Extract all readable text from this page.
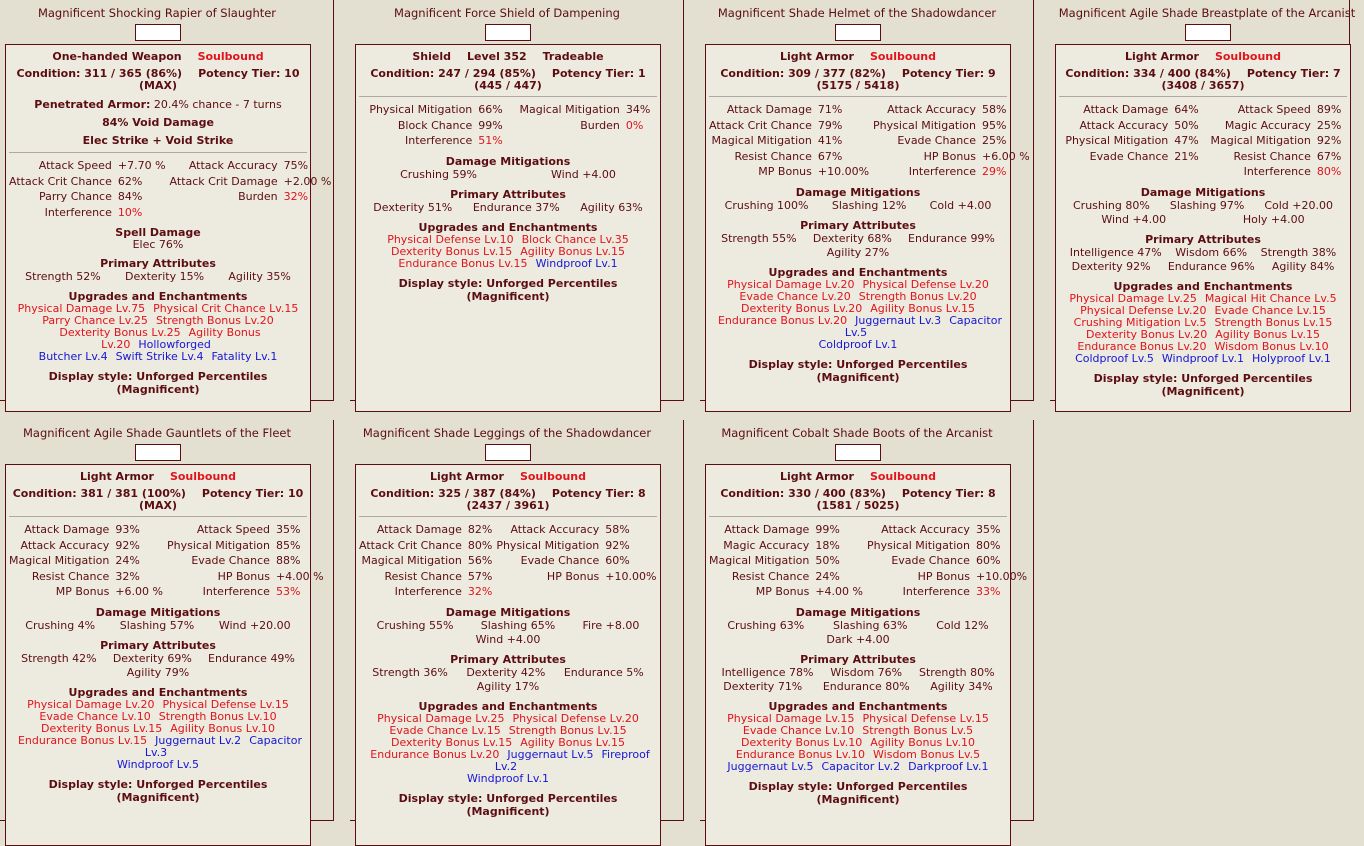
Magnificent Shocking Rapier of Slaughter
One-handed Weapon Soulbound
Condition: 311 / 365 (86%) Potency Tier: 10 (MAX)
Penetrated Armor: 20.4% chance - 7 turns
84% Void Damage
Elec Strike + Void Strike
Attack Speed	+7.70 %	Attack Accuracy	75%
Attack Crit Chance	62%	Attack Crit Damage	+2.00 %
Parry Chance	84%	Burden	32%
Interference	10%		
Spell Damage
Elec 76%
Primary Attributes
Strength 52% Dexterity 15% Agility 35%
Upgrades and Enchantments
Physical Damage Lv.75 Physical Crit Chance Lv.15
Parry Chance Lv.25 Strength Bonus Lv.20
Dexterity Bonus Lv.25 Agility Bonus Lv.20 Hollowforged
Butcher Lv.4 Swift Strike Lv.4 Fatality Lv.1
Display style: Unforged Percentiles (Magnificent)
Magnificent Force Shield of Dampening
Shield Level 352 Tradeable
Condition: 247 / 294 (85%) Potency Tier: 1 (445 / 447)
Physical Mitigation	66%	Magical Mitigation	34%
Block Chance	99%	Burden	0%
Interference	51%		
Damage Mitigations
Crushing 59%	Wind +4.00
Primary Attributes
Dexterity 51% Endurance 37% Agility 63%
Upgrades and Enchantments
Physical Defense Lv.10 Block Chance Lv.35
Dexterity Bonus Lv.15 Agility Bonus Lv.15
Endurance Bonus Lv.15 Windproof Lv.1
Display style: Unforged Percentiles (Magnificent)
Magnificent Shade Helmet of the Shadowdancer
Light Armor Soulbound
Condition: 309 / 377 (82%) Potency Tier: 9 (5175 / 5418)
Attack Damage	71%	Attack Accuracy	58%
Attack Crit Chance	79%	Physical Mitigation	95%
Magical Mitigation	41%	Evade Chance	25%
Resist Chance	67%	HP Bonus	+6.00 %
MP Bonus	+10.00%	Interference	29%
Damage Mitigations
Crushing 100% Slashing 12% Cold +4.00
Primary Attributes
Strength 55% Dexterity 68% Endurance 99%
Agility 27%
Upgrades and Enchantments
Physical Damage Lv.20 Physical Defense Lv.20
Evade Chance Lv.20 Strength Bonus Lv.20
Dexterity Bonus Lv.20 Agility Bonus Lv.15
Endurance Bonus Lv.20 Juggernaut Lv.3 Capacitor Lv.5
Coldproof Lv.1
Display style: Unforged Percentiles (Magnificent)
Magnificent Agile Shade Breastplate of the Arcanist
Light Armor Soulbound
Condition: 334 / 400 (84%) Potency Tier: 7 (3408 / 3657)
Attack Damage	64%	Attack Speed	89%
Attack Accuracy	50%	Magic Accuracy	25%
Physical Mitigation	47%	Magical Mitigation	92%
Evade Chance	21%	Resist Chance	67%
		Interference	80%
Damage Mitigations
Crushing 80% Slashing 97% Cold +20.00
Wind +4.00	Holy +4.00
Primary Attributes
Intelligence 47% Wisdom 66% Strength 38%
Dexterity 92% Endurance 96% Agility 84%
Upgrades and Enchantments
Physical Damage Lv.25 Magical Hit Chance Lv.5
Physical Defense Lv.20 Evade Chance Lv.15
Crushing Mitigation Lv.5 Strength Bonus Lv.15
Dexterity Bonus Lv.20 Agility Bonus Lv.15
Endurance Bonus Lv.20 Wisdom Bonus Lv.10
Coldproof Lv.5 Windproof Lv.1 Holyproof Lv.1
Display style: Unforged Percentiles (Magnificent)
Magnificent Agile Shade Gauntlets of the Fleet
Light Armor Soulbound
Condition: 381 / 381 (100%) Potency Tier: 10 (MAX)
Attack Damage	93%	Attack Speed	35%
Attack Accuracy	92%	Physical Mitigation	85%
Magical Mitigation	24%	Evade Chance	88%
Resist Chance	32%	HP Bonus	+4.00 %
MP Bonus	+6.00 %	Interference	53%
Damage Mitigations
Crushing 4% Slashing 57% Wind +20.00
Primary Attributes
Strength 42% Dexterity 69% Endurance 49%
Agility 79%
Upgrades and Enchantments
Physical Damage Lv.20 Physical Defense Lv.15
Evade Chance Lv.10 Strength Bonus Lv.10
Dexterity Bonus Lv.15 Agility Bonus Lv.10
Endurance Bonus Lv.15 Juggernaut Lv.2 Capacitor Lv.3
Windproof Lv.5
Display style: Unforged Percentiles (Magnificent)
Magnificent Shade Leggings of the Shadowdancer
Light Armor Soulbound
Condition: 325 / 387 (84%) Potency Tier: 8 (2437 / 3961)
Attack Damage	82%	Attack Accuracy	58%
Attack Crit Chance	80%	Physical Mitigation	92%
Magical Mitigation	56%	Evade Chance	60%
Resist Chance	57%	HP Bonus	+10.00%
Interference	32%		
Damage Mitigations
Crushing 55% Slashing 65% Fire +8.00
Wind +4.00
Primary Attributes
Strength 36% Dexterity 42% Endurance 5%
Agility 17%
Upgrades and Enchantments
Physical Damage Lv.25 Physical Defense Lv.20
Evade Chance Lv.15 Strength Bonus Lv.15
Dexterity Bonus Lv.15 Agility Bonus Lv.15
Endurance Bonus Lv.20 Juggernaut Lv.5 Fireproof Lv.2
Windproof Lv.1
Display style: Unforged Percentiles (Magnificent)
Magnificent Cobalt Shade Boots of the Arcanist
Light Armor Soulbound
Condition: 330 / 400 (83%) Potency Tier: 8 (1581 / 5025)
Attack Damage	99%	Attack Accuracy	35%
Magic Accuracy	18%	Physical Mitigation	80%
Magical Mitigation	50%	Evade Chance	60%
Resist Chance	24%	HP Bonus	+10.00%
MP Bonus	+4.00 %	Interference	33%
Damage Mitigations
Crushing 63%	Slashing 63%	Cold 12%
Dark +4.00
Primary Attributes
Intelligence 78% Wisdom 76% Strength 80%
Dexterity 71% Endurance 80% Agility 34%
Upgrades and Enchantments
Physical Damage Lv.15 Physical Defense Lv.15
Evade Chance Lv.10 Strength Bonus Lv.5
Dexterity Bonus Lv.10 Agility Bonus Lv.10
Endurance Bonus Lv.10 Wisdom Bonus Lv.5
Juggernaut Lv.5 Capacitor Lv.2 Darkproof Lv.1
Display style: Unforged Percentiles (Magnificent)
